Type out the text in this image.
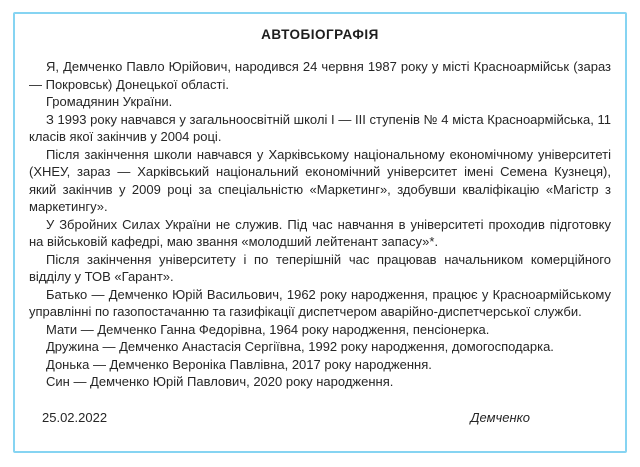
АВТОБІОГРАФІЯ

Я, Демченко Павло Юрійович, народився 24 червня 1987 року у місті Красноармійськ (зараз — Покровськ) Донецької області.

Громадянин України.

З 1993 року навчався у загальноосвітній школі І — ІІІ ступенів № 4 міста Красноармійська, 11 класів якої закінчив у 2004 році.

Після закінчення школи навчався у Харківському національному економічному університеті (ХНЕУ, зараз — Харківський національний економічний університет імені Семена Кузнеця), який закінчив у 2009 році за спеціальністю «Маркетинг», здобувши кваліфікацію «Магістр з маркетингу».

У Збройних Силах України не служив. Під час навчання в університеті проходив підготовку на військовій кафедрі, маю звання «молодший лейтенант запасу»*.

Після закінчення університету і по теперішній час працював начальником комерційного відділу у ТОВ «Гарант».

Батько — Демченко Юрій Васильович, 1962 року народження, працює у Красноармійському управлінні по газопостачанню та газифікації диспетчером аварійно-диспетчерської служби.

Мати — Демченко Ганна Федорівна, 1964 року народження, пенсіонерка.

Дружина — Демченко Анастасія Сергіївна, 1992 року народження, домогосподарка.

Донька — Демченко Вероніка Павлівна, 2017 року народження.

Син — Демченко Юрій Павлович, 2020 року народження.

25.02.2022	Демченко
